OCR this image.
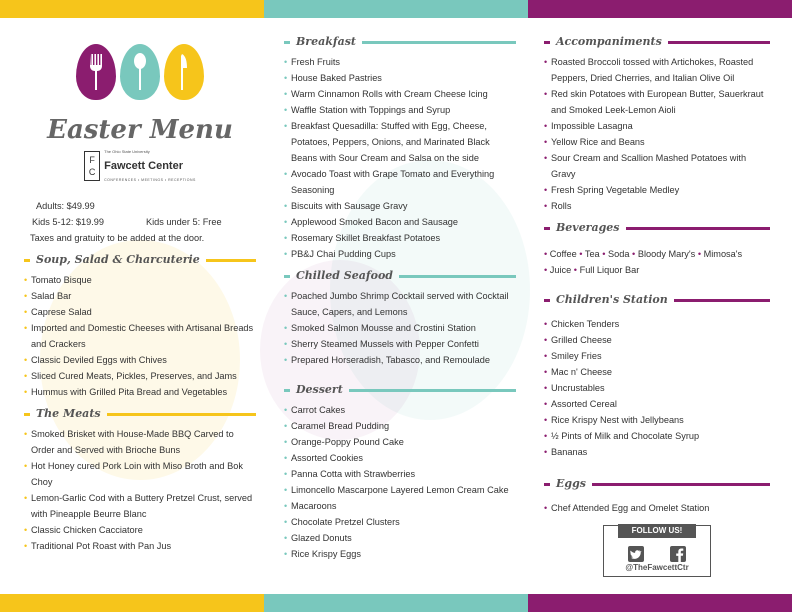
Easter Menu
F
C
The Ohio State University
Fawcett Center
CONFERENCES • MEETINGS • RECEPTIONS
Adults: $49.99
Kids 5-12: $19.99	Kids under 5: Free
Taxes and gratuity to be added at the door.
Soup, Salad & Charcuterie
• Tomato Bisque
• Salad Bar
• Caprese Salad
• Imported and Domestic Cheeses with Artisanal Breads and Crackers
• Classic Deviled Eggs with Chives
• Sliced Cured Meats, Pickles, Preserves, and Jams
• Hummus with Grilled Pita Bread and Vegetables
The Meats
• Smoked Brisket with House-Made BBQ Carved to Order and Served with Brioche Buns
• Hot Honey cured Pork Loin with Miso Broth and Bok Choy
• Lemon-Garlic Cod with a Buttery Pretzel Crust, served with Pineapple Beurre Blanc
• Classic Chicken Cacciatore
• Traditional Pot Roast with Pan Jus
Breakfast
• Fresh Fruits
• House Baked Pastries
• Warm Cinnamon Rolls with Cream Cheese Icing
• Waffle Station with Toppings and Syrup
• Breakfast Quesadilla: Stuffed with Egg, Cheese, Potatoes, Peppers, Onions, and Marinated Black Beans with Sour Cream and Salsa on the side
• Avocado Toast with Grape Tomato and Everything Seasoning
• Biscuits with Sausage Gravy
• Applewood Smoked Bacon and Sausage
• Rosemary Skillet Breakfast Potatoes
• PB&J Chai Pudding Cups
Chilled Seafood
• Poached Jumbo Shrimp Cocktail served with Cocktail Sauce, Capers, and Lemons
• Smoked Salmon Mousse and Crostini Station
• Sherry Steamed Mussels with Pepper Confetti
• Prepared Horseradish, Tabasco, and Remoulade
Dessert
• Carrot Cakes
• Caramel Bread Pudding
• Orange-Poppy Pound Cake
• Assorted Cookies
• Panna Cotta with Strawberries
• Limoncello Mascarpone Layered Lemon Cream Cake
• Macaroons
• Chocolate Pretzel Clusters
• Glazed Donuts
• Rice Krispy Eggs
Accompaniments
• Roasted Broccoli tossed with Artichokes, Roasted Peppers, Dried Cherries, and Italian Olive Oil
• Red skin Potatoes with European Butter, Sauerkraut and Smoked Leek-Lemon Aioli
• Impossible Lasagna
• Yellow Rice and Beans
• Sour Cream and Scallion Mashed Potatoes with Gravy
• Fresh Spring Vegetable Medley
• Rolls
Beverages
• Coffee • Tea • Soda • Bloody Mary's • Mimosa's
• Juice • Full Liquor Bar
Children's Station
• Chicken Tenders
• Grilled Cheese
• Smiley Fries
• Mac n' Cheese
• Uncrustables
• Assorted Cereal
• Rice Krispy Nest with Jellybeans
• ½ Pints of Milk and Chocolate Syrup
• Bananas
Eggs
• Chef Attended Egg and Omelet Station
FOLLOW US!
@TheFawcettCtr
